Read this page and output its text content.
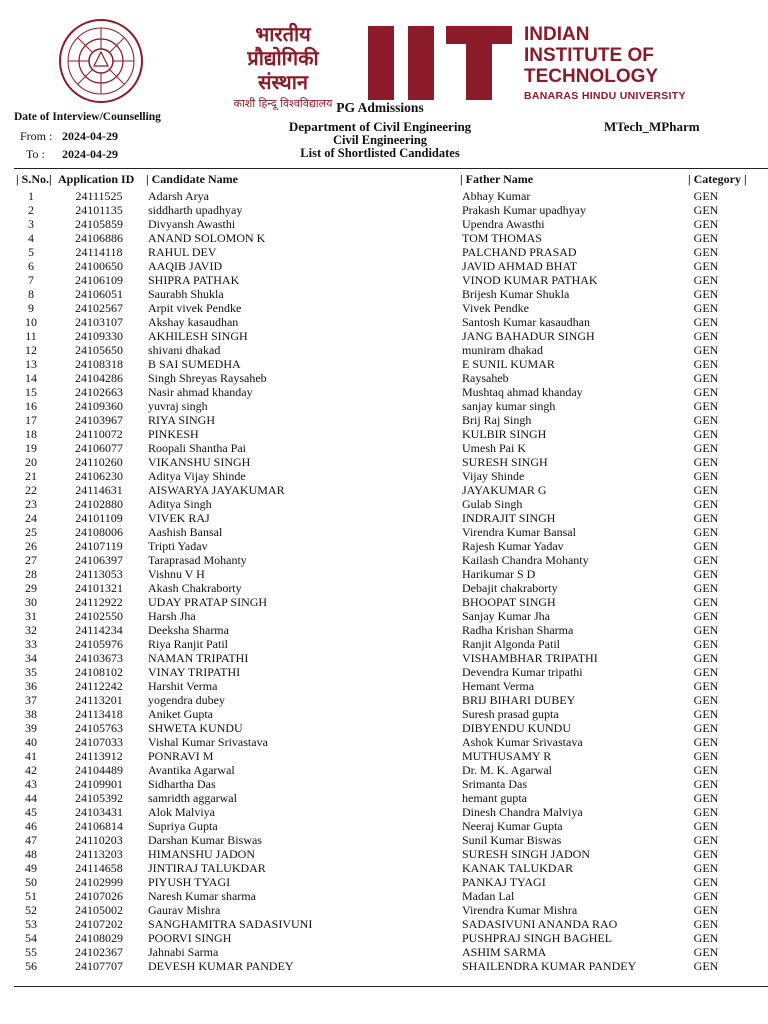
भारतीय
प्रौद्योगिकी
संस्थान
काशी हिन्दू विश्वविद्यालय
INDIAN
INSTITUTE OF
TECHNOLOGY
BANARAS HINDU UNIVERSITY
PG Admissions
Date of Interview/Counselling
Department of Civil Engineering	MTech_MPharm
From : 2024-04-29	Civil Engineering
List of Shortlisted Candidates
To : 2024-04-29
| S.No.| Application ID | Candidate Name	| Father Name	| Category |
1	24111525	Adarsh Arya	Abhay Kumar	GEN
2	24101135	siddharth upadhyay	Prakash Kumar upadhyay	GEN
3	24105859	Divyansh Awasthi	Upendra Awasthi	GEN
4	24106886	ANAND SOLOMON K	TOM THOMAS	GEN
5	24114118	RAHUL DEV	PALCHAND PRASAD	GEN
6	24100650	AAQIB JAVID	JAVID AHMAD BHAT	GEN
7	24106109	SHIPRA PATHAK	VINOD KUMAR PATHAK	GEN
8	24106051	Saurabh Shukla	Brijesh Kumar Shukla	GEN
9	24102567	Arpit vivek Pendke	Vivek Pendke	GEN
10	24103107	Akshay kasaudhan	Santosh Kumar kasaudhan	GEN
11	24109330	AKHILESH SINGH	JANG BAHADUR SINGH	GEN
12	24105650	shivani dhakad	muniram dhakad	GEN
13	24108318	B SAI SUMEDHA	E SUNIL KUMAR	GEN
14	24104286	Singh Shreyas Raysaheb	Raysaheb	GEN
15	24102663	Nasir ahmad khanday	Mushtaq ahmad khanday	GEN
16	24109360	yuvraj singh	sanjay kumar singh	GEN
17	24103967	RIYA SINGH	Brij Raj Singh	GEN
18	24110072	PINKESH	KULBIR SINGH	GEN
19	24106077	Roopali Shantha Pai	Umesh Pai K	GEN
20	24110260	VIKANSHU SINGH	SURESH SINGH	GEN
21	24106230	Aditya Vijay Shinde	Vijay Shinde	GEN
22	24114631	AISWARYA JAYAKUMAR	JAYAKUMAR G	GEN
23	24102880	Aditya Singh	Gulab Singh	GEN
24	24101109	VIVEK RAJ	INDRAJIT SINGH	GEN
25	24108006	Aashish Bansal	Virendra Kumar Bansal	GEN
26	24107119	Tripti Yadav	Rajesh Kumar Yadav	GEN
27	24106397	Taraprasad Mohanty	Kailash Chandra Mohanty	GEN
28	24113053	Vishnu V H	Harikumar S D	GEN
29	24101321	Akash Chakraborty	Debajit chakraborty	GEN
30	24112922	UDAY PRATAP SINGH	BHOOPAT SINGH	GEN
31	24102550	Harsh Jha	Sanjay Kumar Jha	GEN
32	24114234	Deeksha Sharma	Radha Krishan Sharma	GEN
33	24105976	Riya Ranjit Patil	Ranjit Algonda Patil	GEN
34	24103673	NAMAN TRIPATHI	VISHAMBHAR TRIPATHI	GEN
35	24108102	VINAY TRIPATHI	Devendra Kumar tripathi	GEN
36	24112242	Harshit Verma	Hemant Verma	GEN
37	24113201	yogendra dubey	BRIJ BIHARI DUBEY	GEN
38	24113418	Aniket Gupta	Suresh prasad gupta	GEN
39	24105763	SHWETA KUNDU	DIBYENDU KUNDU	GEN
40	24107033	Vishal Kumar Srivastava	Ashok Kumar Srivastava	GEN
41	24113912	PONRAVI M	MUTHUSAMY R	GEN
42	24104489	Avantika Agarwal	Dr. M. K. Agarwal	GEN
43	24109901	Sidhartha Das	Srimanta Das	GEN
44	24105392	samridth aggarwal	hemant gupta	GEN
45	24103431	Alok Malviya	Dinesh Chandra Malviya	GEN
46	24106814	Supriya Gupta	Neeraj Kumar Gupta	GEN
47	24110203	Darshan Kumar Biswas	Sunil Kumar Biswas	GEN
48	24113203	HIMANSHU JADON	SURESH SINGH JADON	GEN
49	24114658	JINTIRAJ TALUKDAR	KANAK TALUKDAR	GEN
50	24102999	PIYUSH TYAGI	PANKAJ TYAGI	GEN
51	24107026	Naresh Kumar sharma	Madan Lal	GEN
52	24105002	Gaurav Mishra	Virendra Kumar Mishra	GEN
53	24107202	SANGHAMITRA SADASIVUNI	SADASIVUNI ANANDA RAO	GEN
54	24108029	POORVI SINGH	PUSHPRAJ SINGH BAGHEL	GEN
55	24102367	Jahnabi Sarma	ASHIM SARMA	GEN
56	24107707	DEVESH KUMAR PANDEY	SHAILENDRA KUMAR PANDEY	GEN
